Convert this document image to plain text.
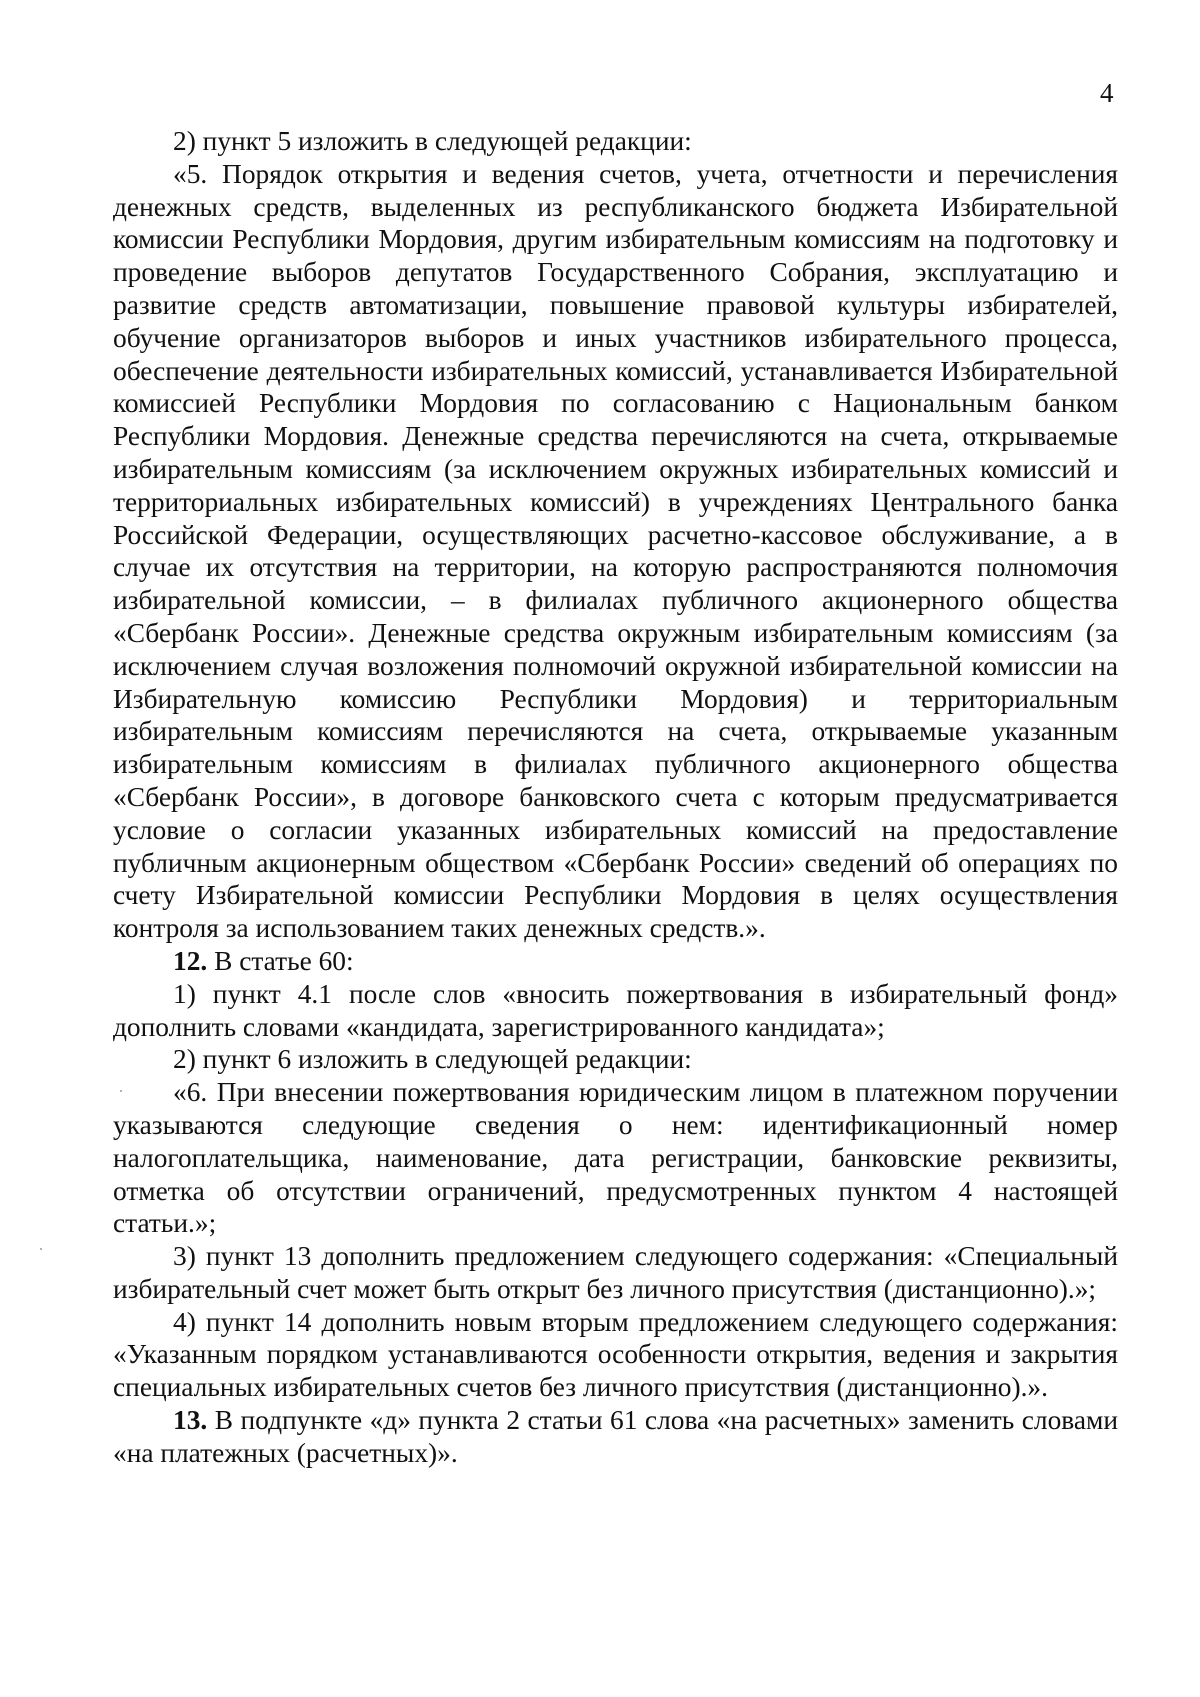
4

2) пункт 5 изложить в следующей редакции:

«5. Порядок открытия и ведения счетов, учета, отчетности и перечисления денежных средств, выделенных из республиканского бюджета Избирательной комиссии Республики Мордовия, другим избирательным комиссиям на подготовку и проведение выборов депутатов Государственного Собрания, эксплуатацию и развитие средств автоматизации, повышение правовой культуры избирателей, обучение организаторов выборов и иных участников избирательного процесса, обеспечение деятельности избирательных комиссий, устанавливается Избирательной комиссией Республики Мордовия по согласованию с Национальным банком Республики Мордовия. Денежные средства перечисляются на счета, открываемые избирательным комиссиям (за исключением окружных избирательных комиссий и территориальных избирательных комиссий) в учреждениях Центрального банка Российской Федерации, осуществляющих расчетно-кассовое обслуживание, а в случае их отсутствия на территории, на которую распространяются полномочия избирательной комиссии, – в филиалах публичного акционерного общества «Сбербанк России». Денежные средства окружным избирательным комиссиям (за исключением случая возложения полномочий окружной избирательной комиссии на Избирательную комиссию Республики Мордовия) и территориальным избирательным комиссиям перечисляются на счета, открываемые указанным избирательным комиссиям в филиалах публичного акционерного общества «Сбербанк России», в договоре банковского счета с которым предусматривается условие о согласии указанных избирательных комиссий на предоставление публичным акционерным обществом «Сбербанк России» сведений об операциях по счету Избирательной комиссии Республики Мордовия в целях осуществления контроля за использованием таких денежных средств.».

12. В статье 60:

1) пункт 4.1 после слов «вносить пожертвования в избирательный фонд» дополнить словами «кандидата, зарегистрированного кандидата»;

2) пункт 6 изложить в следующей редакции:

«6. При внесении пожертвования юридическим лицом в платежном поручении указываются следующие сведения о нем: идентификационный номер налогоплательщика, наименование, дата регистрации, банковские реквизиты, отметка об отсутствии ограничений, предусмотренных пунктом 4 настоящей статьи.»;

3) пункт 13 дополнить предложением следующего содержания: «Специальный избирательный счет может быть открыт без личного присутствия (дистанционно).»;

4) пункт 14 дополнить новым вторым предложением следующего содержания: «Указанным порядком устанавливаются особенности открытия, ведения и закрытия специальных избирательных счетов без личного присутствия (дистанционно).».

13. В подпункте «д» пункта 2 статьи 61 слова «на расчетных» заменить словами «на платежных (расчетных)».
